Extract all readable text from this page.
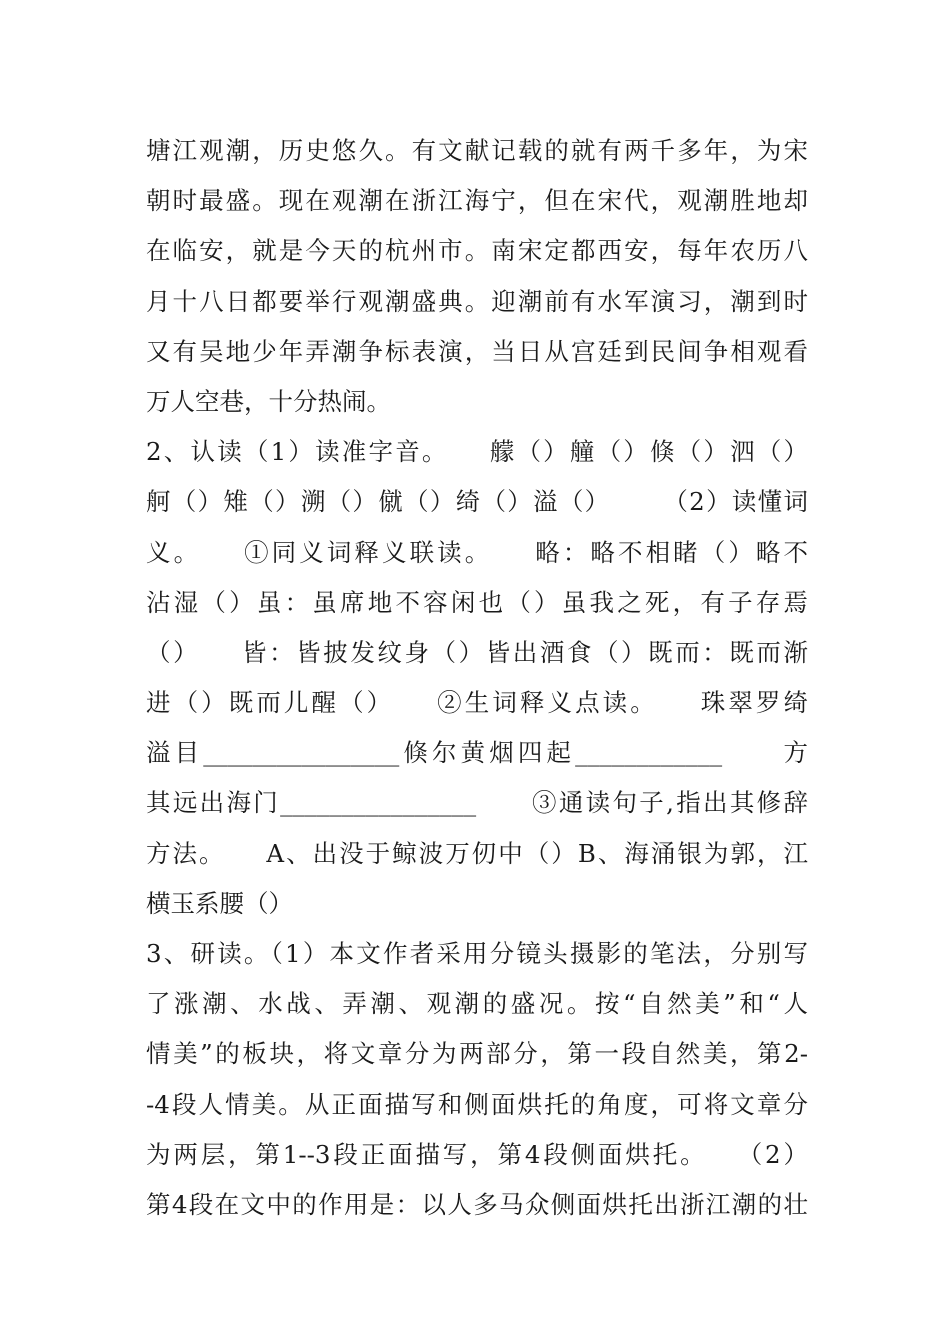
塘江观潮，历史悠久。有文献记载的就有两千多年，为宋
朝时最盛。现在观潮在浙江海宁，但在宋代，观潮胜地却
在临安，就是今天的杭州市。南宋定都西安，每年农历八
月十八日都要举行观潮盛典。迎潮前有水军演习，潮到时
又有吴地少年弄潮争标表演，当日从宫廷到民间争相观看
万人空巷，十分热闹。
2、认读（1）读准字音。　　艨（）艟（）倏（）泗（）
舸（）雉（）溯（）僦（）绮（）溢（）　　　（2）读懂词
义。　　①同义词释义联读。　　略：略不相睹（）略不
沾湿（）虽：虽席地不容闲也（）虽我之死，有子存焉
（）　　皆：皆披发纹身（）皆出酒食（）既而：既而渐
进（）既而儿醒（）　　②生词释义点读。　　珠翠罗绮
溢目________________倏尔黄烟四起____________　　方
其远出海门________________　　③通读句子,指出其修辞
方法。　　A、出没于鲸波万仞中（）B、海涌银为郭，江
横玉系腰（）
3、研读。（1）本文作者采用分镜头摄影的笔法，分别写
了涨潮、水战、弄潮、观潮的盛况。按“自然美”和“人
情美”的板块，将文章分为两部分，第一段自然美，第2-
-4段人情美。从正面描写和侧面烘托的角度，可将文章分
为两层，第1--3段正面描写，第4段侧面烘托。　　（2）
第4段在文中的作用是：以人多马众侧面烘托出浙江潮的壮
